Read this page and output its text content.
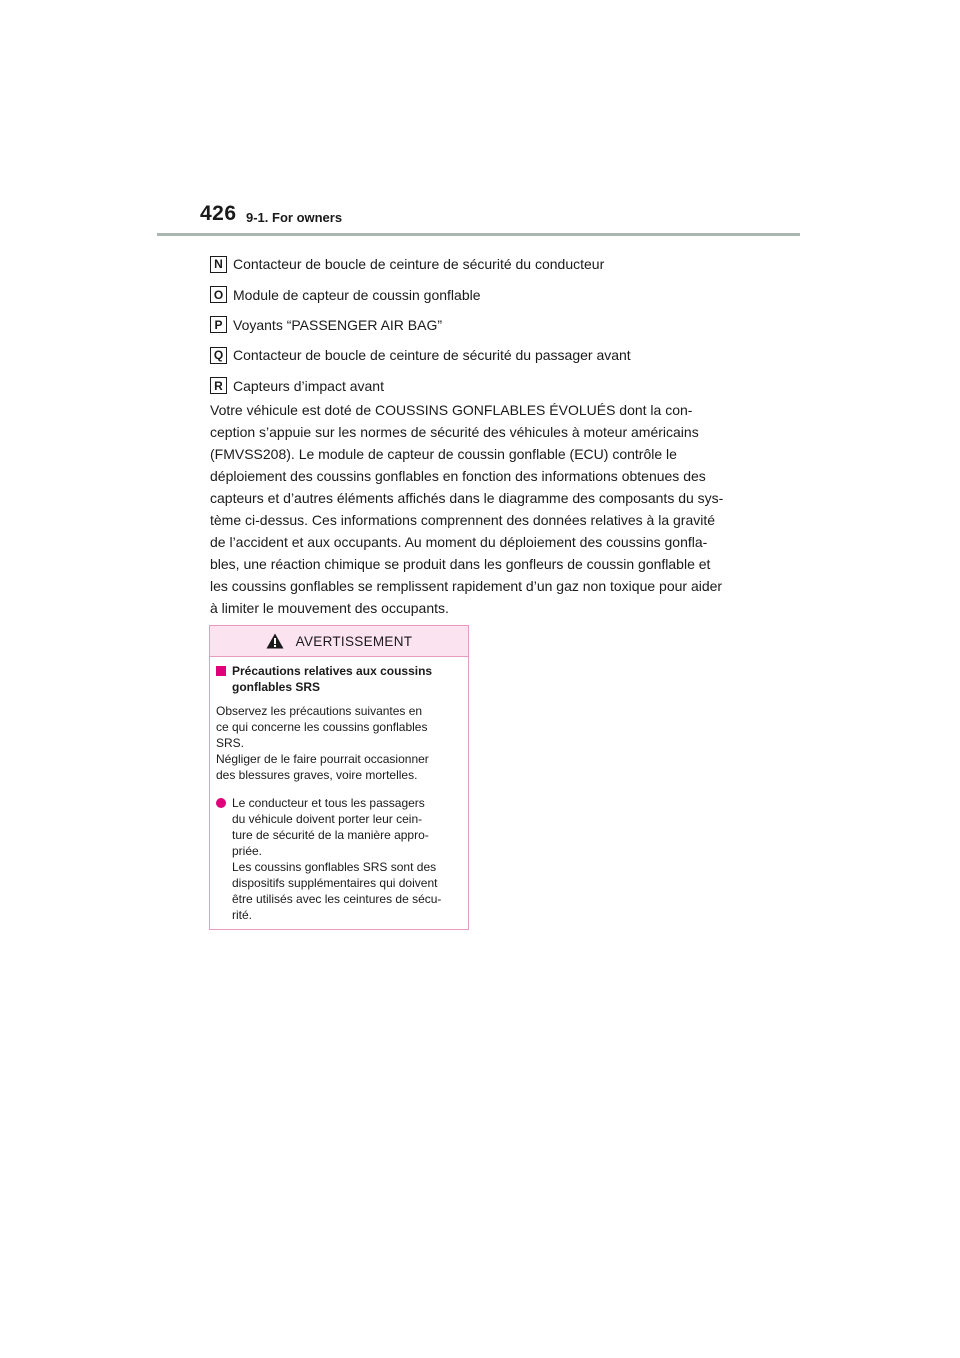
426 9-1. For owners
N Contacteur de boucle de ceinture de sécurité du conducteur
O Module de capteur de coussin gonflable
P Voyants “PASSENGER AIR BAG”
Q Contacteur de boucle de ceinture de sécurité du passager avant
R Capteurs d’impact avant

Votre véhicule est doté de COUSSINS GONFLABLES ÉVOLUÉS dont la con-
ception s’appuie sur les normes de sécurité des véhicules à moteur américains
(FMVSS208). Le module de capteur de coussin gonflable (ECU) contrôle le
déploiement des coussins gonflables en fonction des informations obtenues des
capteurs et d’autres éléments affichés dans le diagramme des composants du sys-
tème ci-dessus. Ces informations comprennent des données relatives à la gravité
de l’accident et aux occupants. Au moment du déploiement des coussins gonfla-
bles, une réaction chimique se produit dans les gonfleurs de coussin gonflable et
les coussins gonflables se remplissent rapidement d’un gaz non toxique pour aider
à limiter le mouvement des occupants.

AVERTISSEMENT
Précautions relatives aux coussins
gonflables SRS

Observez les précautions suivantes en
ce qui concerne les coussins gonflables
SRS.
Négliger de le faire pourrait occasionner
des blessures graves, voire mortelles.

Le conducteur et tous les passagers
du véhicule doivent porter leur cein-
ture de sécurité de la manière appro-
priée.
Les coussins gonflables SRS sont des
dispositifs supplémentaires qui doivent
être utilisés avec les ceintures de sécu-
rité.
